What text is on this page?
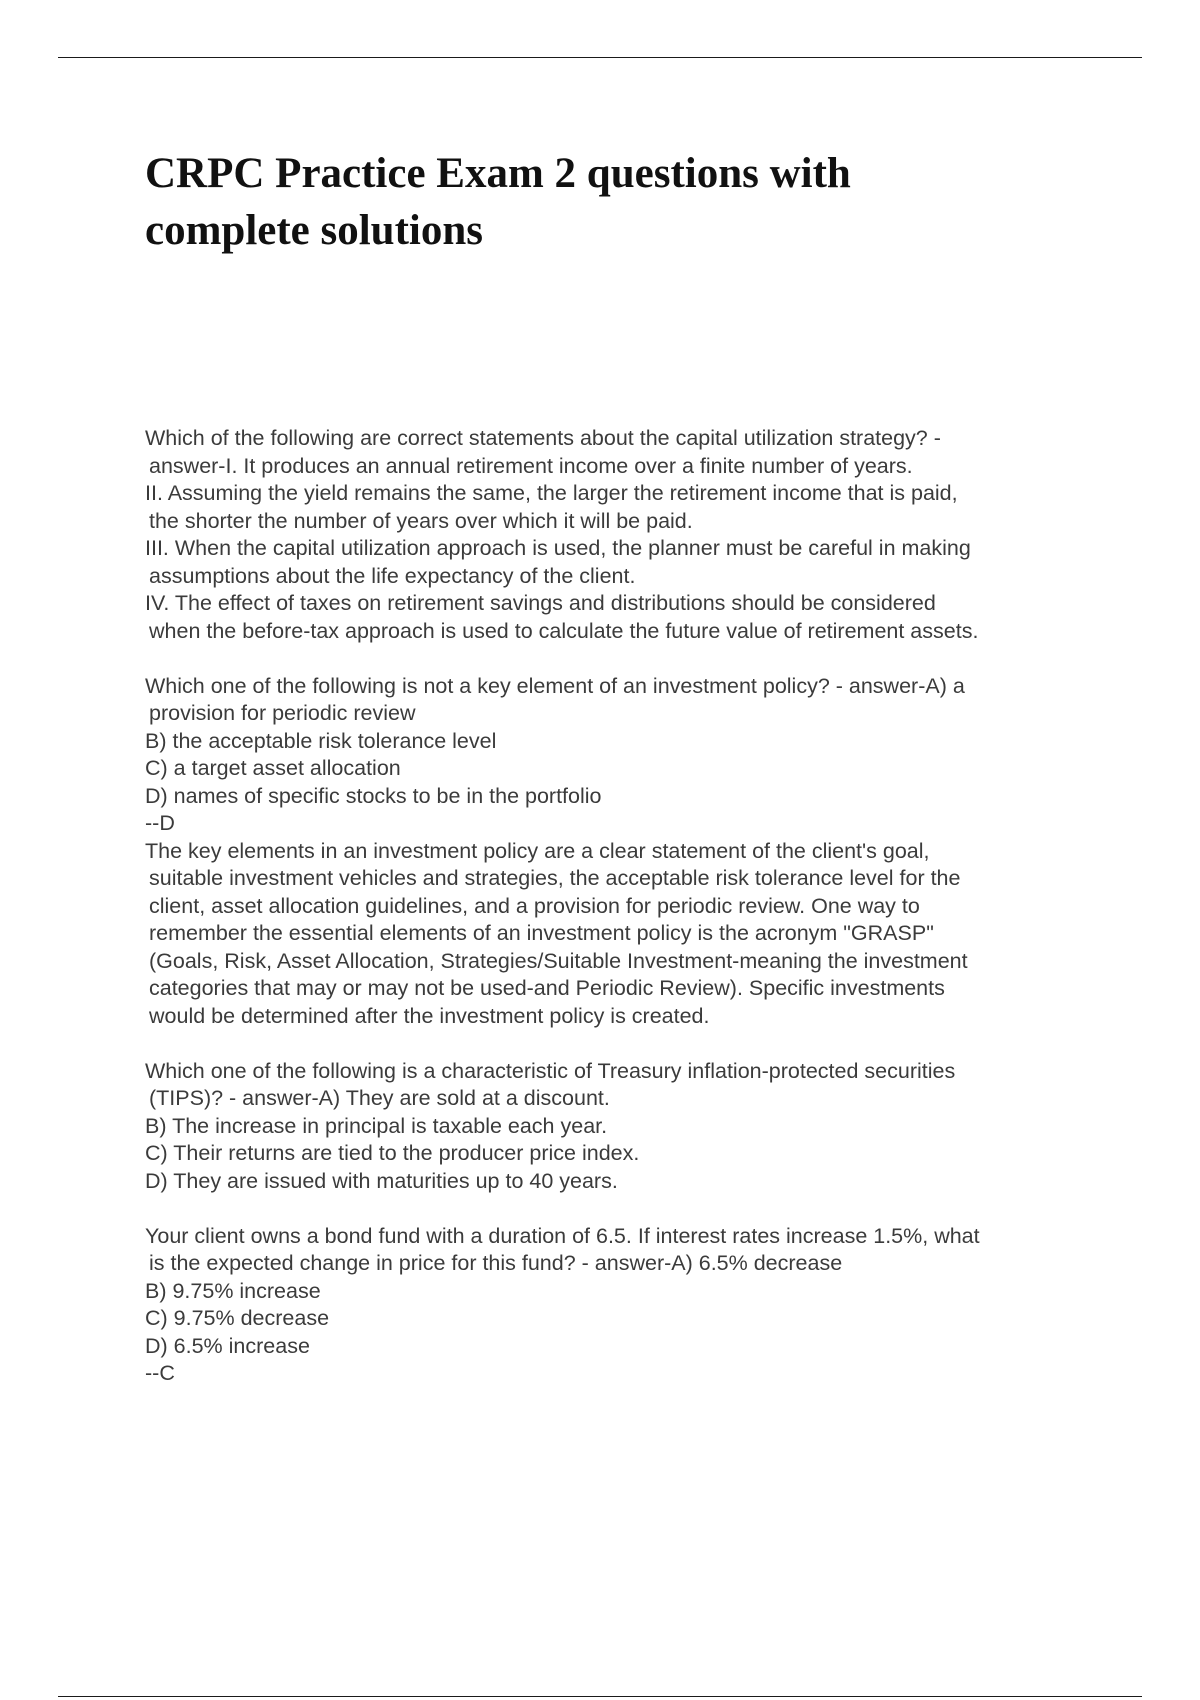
CRPC Practice Exam 2 questions with
complete solutions
Which of the following are correct statements about the capital utilization strategy? -
answer-I. It produces an annual retirement income over a finite number of years.
II. Assuming the yield remains the same, the larger the retirement income that is paid,
the shorter the number of years over which it will be paid.
III. When the capital utilization approach is used, the planner must be careful in making
assumptions about the life expectancy of the client.
IV. The effect of taxes on retirement savings and distributions should be considered
when the before-tax approach is used to calculate the future value of retirement assets.
Which one of the following is not a key element of an investment policy? - answer-A) a
provision for periodic review
B) the acceptable risk tolerance level
C) a target asset allocation
D) names of specific stocks to be in the portfolio
--D
The key elements in an investment policy are a clear statement of the client's goal,
suitable investment vehicles and strategies, the acceptable risk tolerance level for the
client, asset allocation guidelines, and a provision for periodic review. One way to
remember the essential elements of an investment policy is the acronym "GRASP"
(Goals, Risk, Asset Allocation, Strategies/Suitable Investment-meaning the investment
categories that may or may not be used-and Periodic Review). Specific investments
would be determined after the investment policy is created.
Which one of the following is a characteristic of Treasury inflation-protected securities
(TIPS)? - answer-A) They are sold at a discount.
B) The increase in principal is taxable each year.
C) Their returns are tied to the producer price index.
D) They are issued with maturities up to 40 years.
Your client owns a bond fund with a duration of 6.5. If interest rates increase 1.5%, what
is the expected change in price for this fund? - answer-A) 6.5% decrease
B) 9.75% increase
C) 9.75% decrease
D) 6.5% increase
--C
